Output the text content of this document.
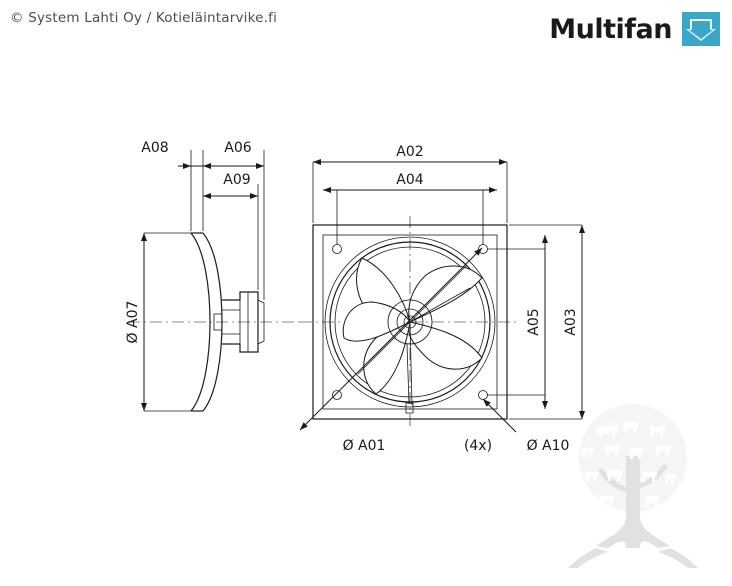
© System Lahti Oy / Kotieläintarvike.fi	Multifan
Ø A07
A08	A06
A09
A02
A04
A05 A03
Ø A01	(4x) Ø A10
